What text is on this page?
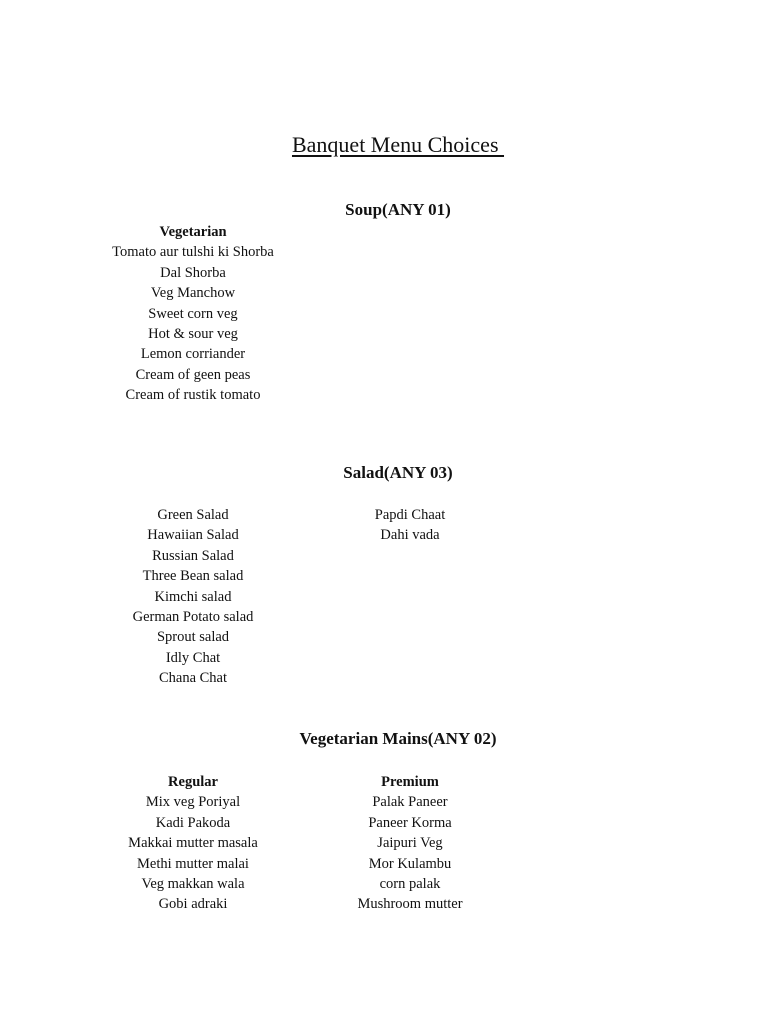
Banquet Menu Choices
Soup(ANY 01)
Vegetarian
Tomato aur tulshi ki Shorba
Dal Shorba
Veg Manchow
Sweet corn veg
Hot & sour veg
Lemon corriander
Cream of geen peas
Cream of rustik tomato
Salad(ANY 03)
Green Salad
Hawaiian Salad
Russian Salad
Three Bean salad
Kimchi salad
German Potato salad
Sprout salad
Idly Chat
Chana Chat
Papdi Chaat
Dahi vada
Vegetarian Mains(ANY 02)
Regular
Mix veg Poriyal
Kadi Pakoda
Makkai mutter masala
Methi mutter malai
Veg makkan wala
Gobi adraki
Premium
Palak Paneer
Paneer Korma
Jaipuri Veg
Mor Kulambu
corn palak
Mushroom mutter
